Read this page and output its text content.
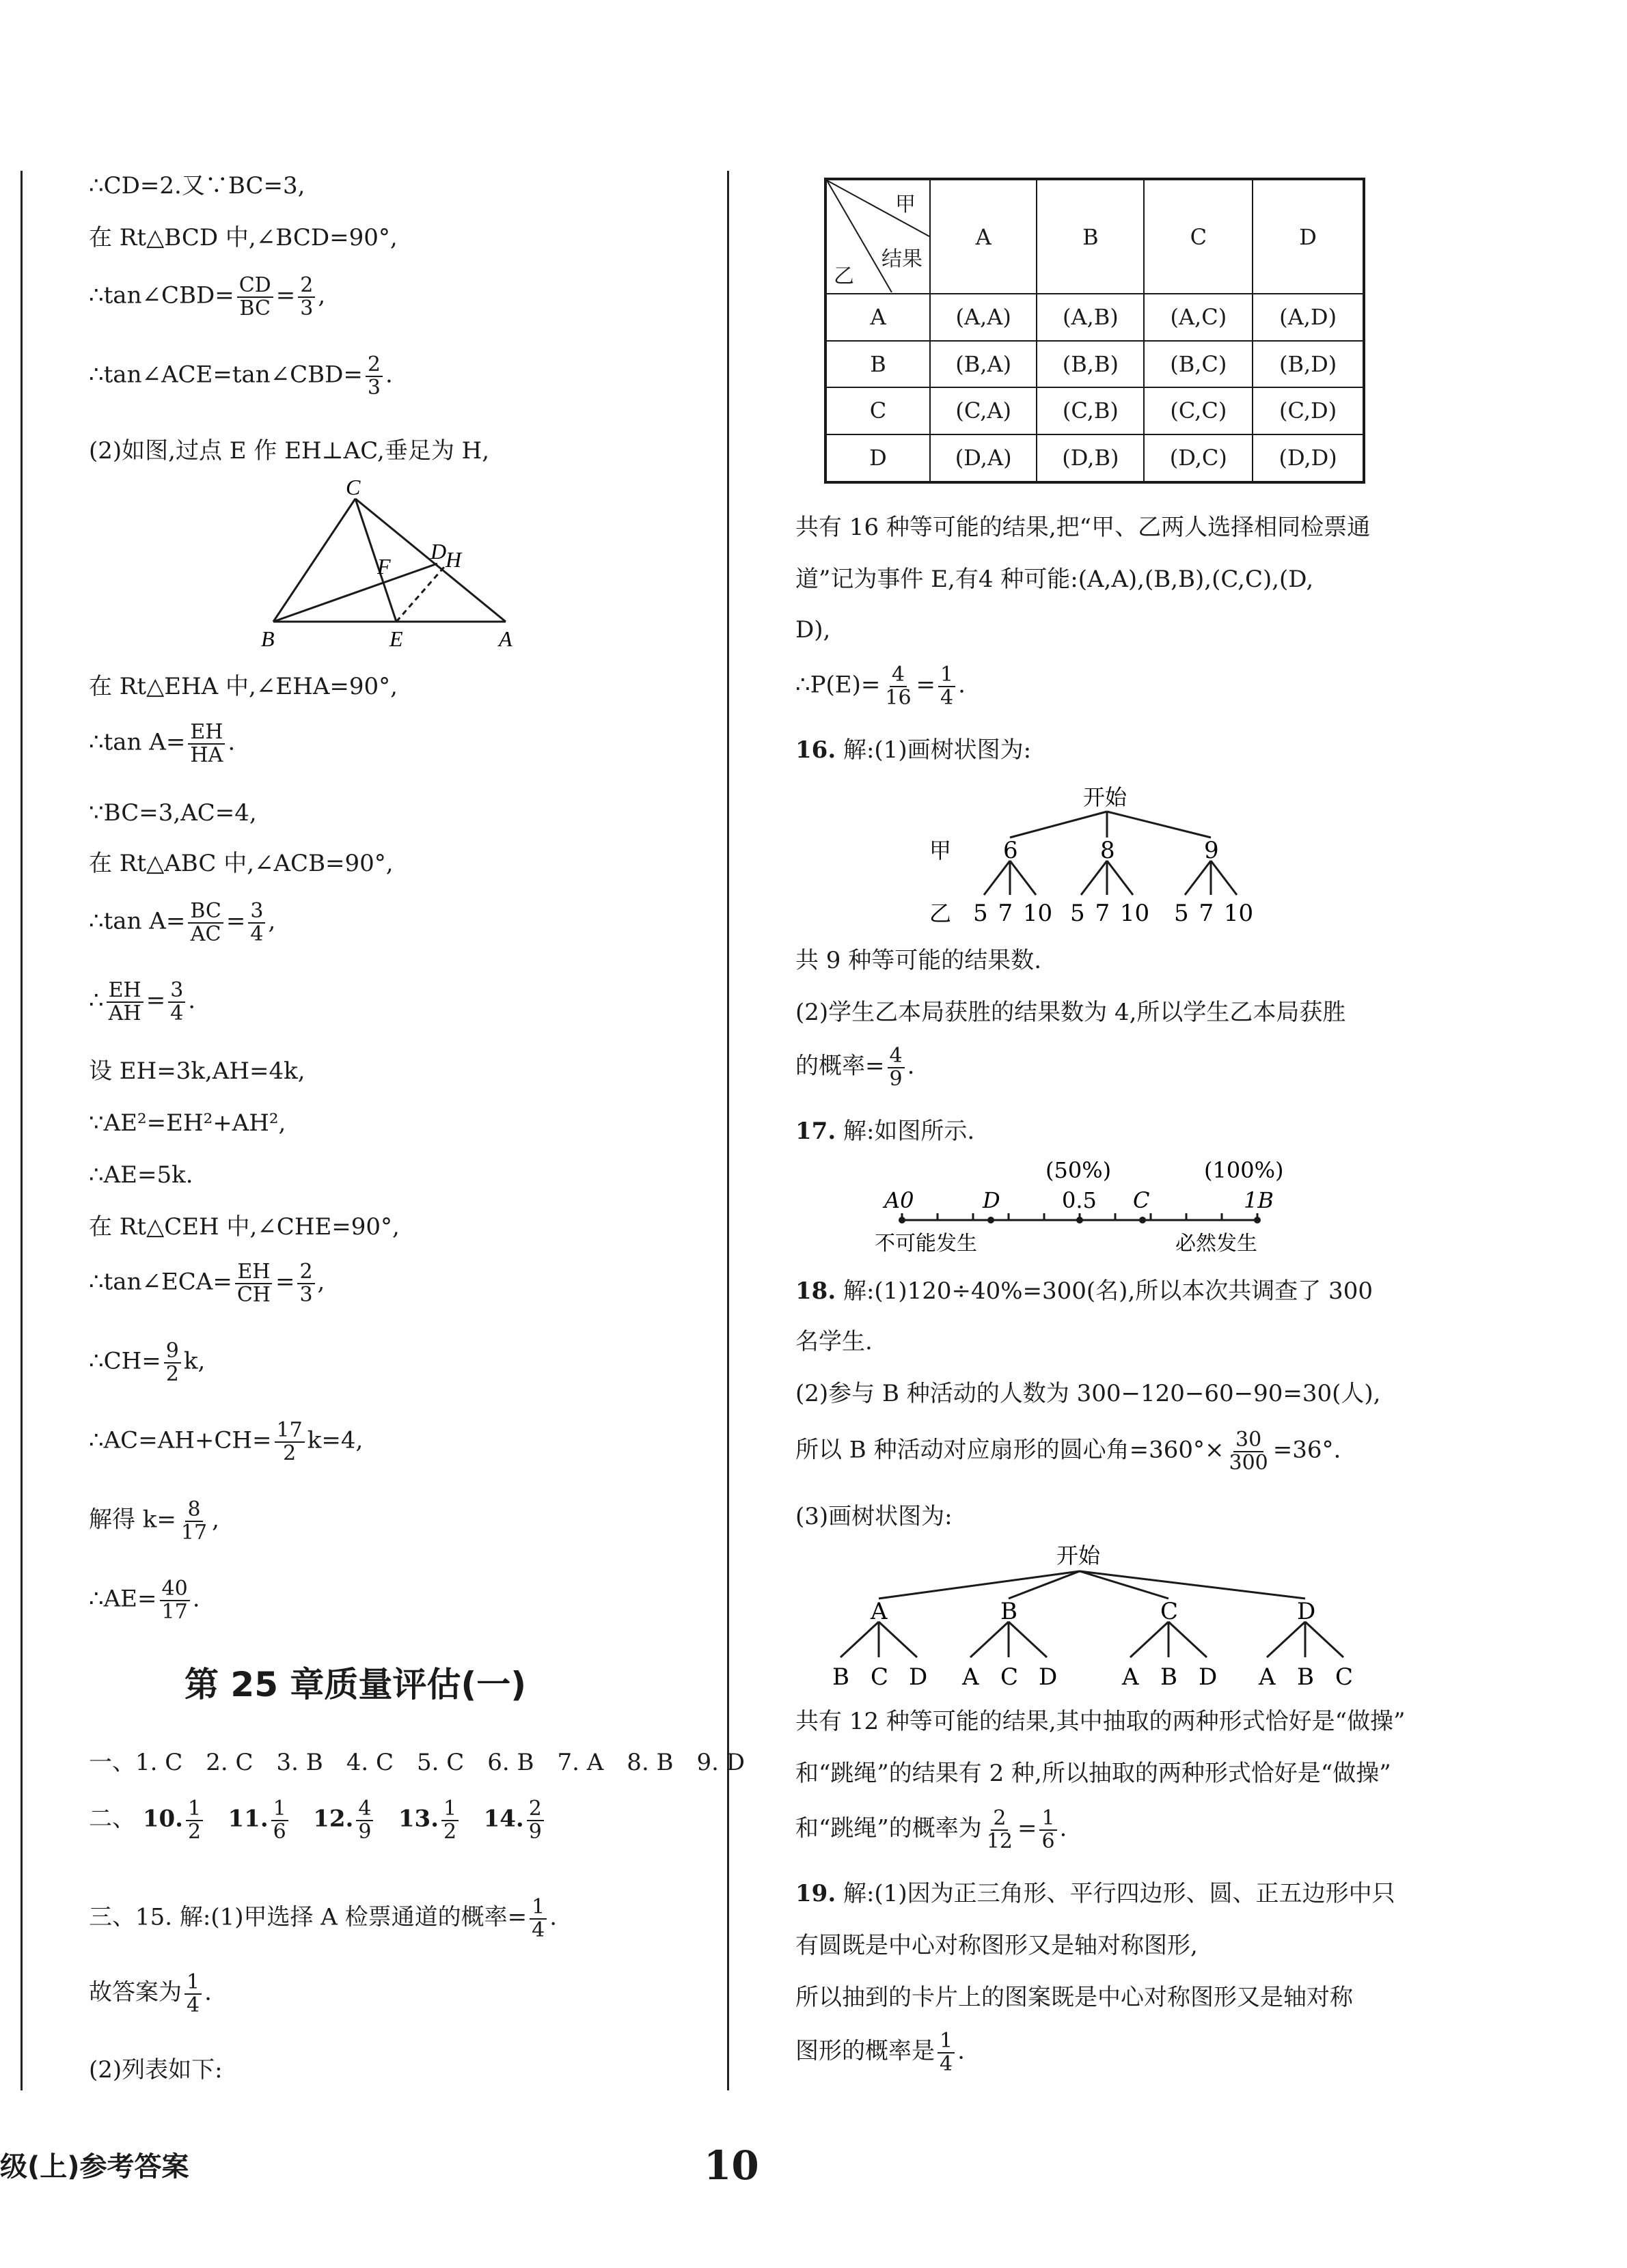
∴CD=2.又∵BC=3,
在 Rt△BCD 中,∠BCD=90°,
∴tan∠CBD= $\frac{CD}{BC} = \frac{2}{3}$ ,
∴tan∠ACE=tan∠CBD= $\frac{2}{3}$ .
(2)如图,过点 E 作 EH⊥AC,垂足为 H,
C
D
H
F
B	E	A
在 Rt△EHA 中,∠EHA=90°,
∴tan $A= \frac{EH}{HA}$ .
∵BC=3,AC=4,
在 Rt△ABC 中,∠ACB=90°,
∴tan $A= \frac{BC}{AC} = \frac{3}{4}$ ,
∴ $\frac{EH}{AH} = \frac{3}{4}$ .
设 EH=3k,AH=4k,
∵AE²=EH²+AH²,
∴AE=5k.
在 Rt△CEH 中,∠CHE=90°,
∴tan∠ECA= $\frac{EH}{CH} = \frac{2}{3}$ ,
∴CH= $\frac{9}{2} k$,
∴AC=AH+CH= $\frac{17}{2} k=4$,
解得 $k= \frac{8}{17}$ ,
∴AE= $\frac{40}{17}$ .
第 25 章质量评估(一)
一、1. C　2. C　3. B　4. C　5. C　6. B　7. A　8. B　9. D
二、 10. $\frac{1}{2} 11$. $\frac{1}{6} 12$. $\frac{4}{9} 13$. $\frac{1}{2} 14$. $\frac{2}{9}$
三、15. 解:(1)甲选择 A 检票通道的概率= $\frac{1}{4}$ .
故答案为 $\frac{1}{4}$ .
(2)列表如下:
甲
结果
乙	A	B	C	D
A	(A,A)	(A,B)	(A,C)	(A,D)
B	(B,A)	(B,B)	(B,C)	(B,D)
C	(C,A)	(C,B)	(C,C)	(C,D)
D	(D,A)	(D,B)	(D,C)	(D,D)
共有 16 种等可能的结果,把“甲、乙两人选择相同检票通
道”记为事件 E,有4 种可能:(A,A),(B,B),(C,C),(D,
D),
∴P(E)= $\frac{4}{16} = \frac{1}{4}$ .
16. 解:(1)画树状图为:
开始
甲 6	8	9
乙 5 7 10 5 7 10 5 7 10
共 9 种等可能的结果数.
(2)学生乙本局获胜的结果数为 4,所以学生乙本局获胜
的概率= $\frac{4}{9}$ .
17. 解:如图所示.
(50%)	(100%)
A0	D	0.5 C	1B
不可能发生	必然发生
18. 解:(1)120÷40%=300(名),所以本次共调查了 300
名学生.
(2)参与 B 种活动的人数为 300−120−60−90=30(人),
所以 B 种活动对应扇形的圆心角$=360^\circ\times \frac{30}{300} =36^\circ$.
(3)画树状图为:
开始
A	B	C	D
B C D A C D	A B D A B C
共有 12 种等可能的结果,其中抽取的两种形式恰好是“做操”
和“跳绳”的结果有 2 种,所以抽取的两种形式恰好是“做操”
和“跳绳”的概率为 $\frac{2}{12} = \frac{1}{6}$ .
19. 解:(1)因为正三角形、平行四边形、圆、正五边形中只
有圆既是中心对称图形又是轴对称图形,
所以抽到的卡片上的图案既是中心对称图形又是轴对称
图形的概率是 $\frac{1}{4}$ .
级(上)参考答案	10
